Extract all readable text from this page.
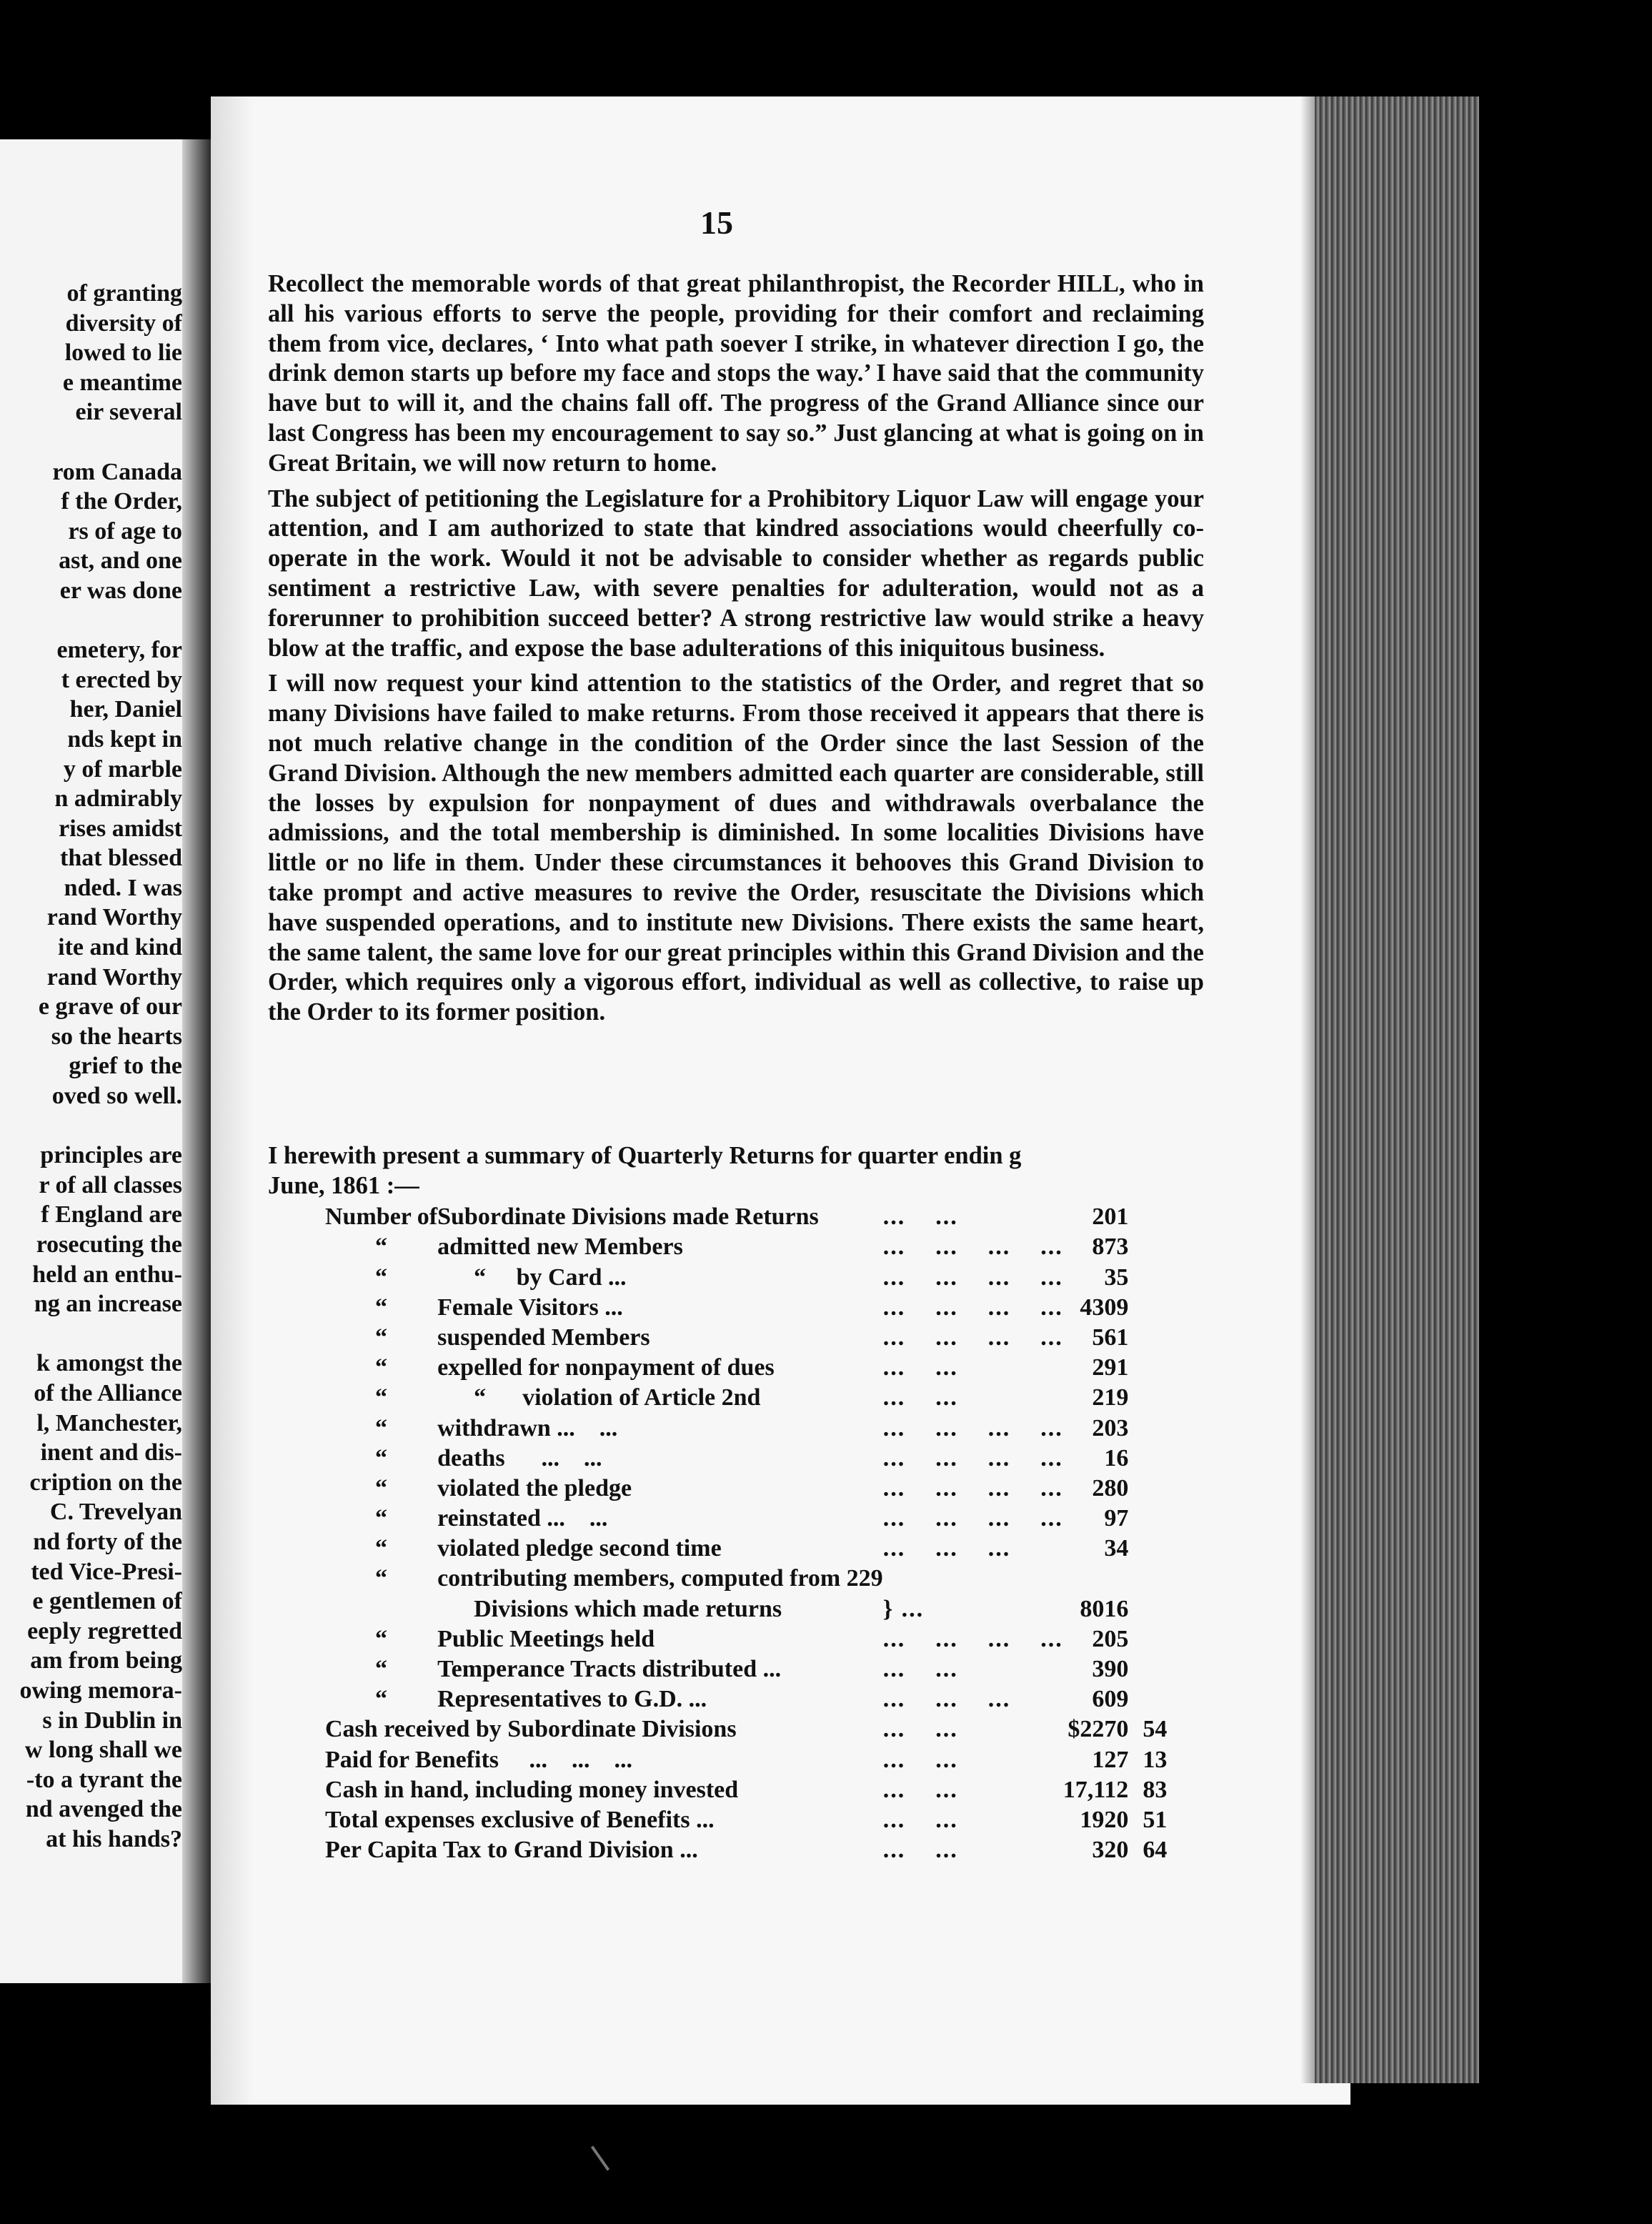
of granting
diversity of
lowed to lie
e meantime
eir several
rom Canada
f the Order,
rs of age to
ast, and one
er was done
emetery, for
t erected by
her, Daniel
nds kept in
y of marble
n admirably
rises amidst
that blessed
nded. I was
rand Worthy
ite and kind
rand Worthy
e grave of our
so the hearts
grief to the
oved so well.
principles are
r of all classes
f England are
rosecuting the
held an enthu-
ng an increase
k amongst the
of the Alliance
l, Manchester,
inent and dis-
cription on the
C. Trevelyan
nd forty of the
ted Vice-Presi-
e gentlemen of
eeply regretted
am from being
owing memora-
s in Dublin in
w long shall we
-to a tyrant the
nd avenged the
at his hands?
15

Recollect the memorable words of that great philanthropist, the Recorder HILL, who in all his various efforts to serve the people, providing for their comfort and reclaiming them from vice, declares, ‘ Into what path soever I strike, in whatever direction I go, the drink demon starts up before my face and stops the way.’ I have said that the community have but to will it, and the chains fall off. The progress of the Grand Alliance since our last Congress has been my encouragement to say so.” Just glancing at what is going on in Great Britain, we will now return to home.

The subject of petitioning the Legislature for a Prohibitory Liquor Law will engage your attention, and I am authorized to state that kindred associations would cheerfully co-operate in the work. Would it not be advisable to consider whether as regards public sentiment a restrictive Law, with severe penalties for adulteration, would not as a forerunner to prohibition succeed better? A strong restrictive law would strike a heavy blow at the traffic, and expose the base adulterations of this iniquitous business.

I will now request your kind attention to the statistics of the Order, and regret that so many Divisions have failed to make returns. From those received it appears that there is not much relative change in the condition of the Order since the last Session of the Grand Division. Although the new members admitted each quarter are considerable, still the losses by expulsion for nonpayment of dues and withdrawals overbalance the admissions, and the total membership is diminished. In some localities Divisions have little or no life in them. Under these circumstances it behooves this Grand Division to take prompt and active measures to revive the Order, resuscitate the Divisions which have suspended operations, and to institute new Divisions. There exists the same heart, the same talent, the same love for our great principles within this Grand Division and the Order, which requires only a vigorous effort, individual as well as collective, to raise up the Order to its former position.

I herewith present a summary of Quarterly Returns for quarter endin g
June, 1861 :—
Number of	Subordinate Divisions made Returns	...    ...	201	
“	admitted new Members	...    ...    ...    ...	873	
“	“     by Card ...	...    ...    ...    ...	35	
“	Female Visitors ...	...    ...    ...    ...	4309	
“	suspended Members	...    ...    ...    ...	561	
“	expelled for nonpayment of dues	...    ...	291	
“	“      violation of Article 2nd	...    ...	219	
“	withdrawn ...    ...	...    ...    ...    ...	203	
“	deaths      ...    ...	...    ...    ...    ...	16	
“	violated the pledge	...    ...    ...    ...	280	
“	reinstated ...    ...	...    ...    ...    ...	97	
“	violated pledge second time	...    ...    ...	34	
“	contributing members, computed from 229			
	Divisions which made returns	} ...	8016	
“	Public Meetings held	...    ...    ...    ...	205	
“	Temperance Tracts distributed ...	...    ...	390	
“	Representatives to G.D. ...	...    ...    ...	609	
Cash received by Subordinate Divisions		...    ...	$2270	54
Paid for Benefits     ...    ...    ...		...    ...	127	13
Cash in hand, including money invested		...    ...	17,112	83
Total expenses exclusive of Benefits ...		...    ...	1920	51
Per Capita Tax to Grand Division ...		...    ...	320	64
